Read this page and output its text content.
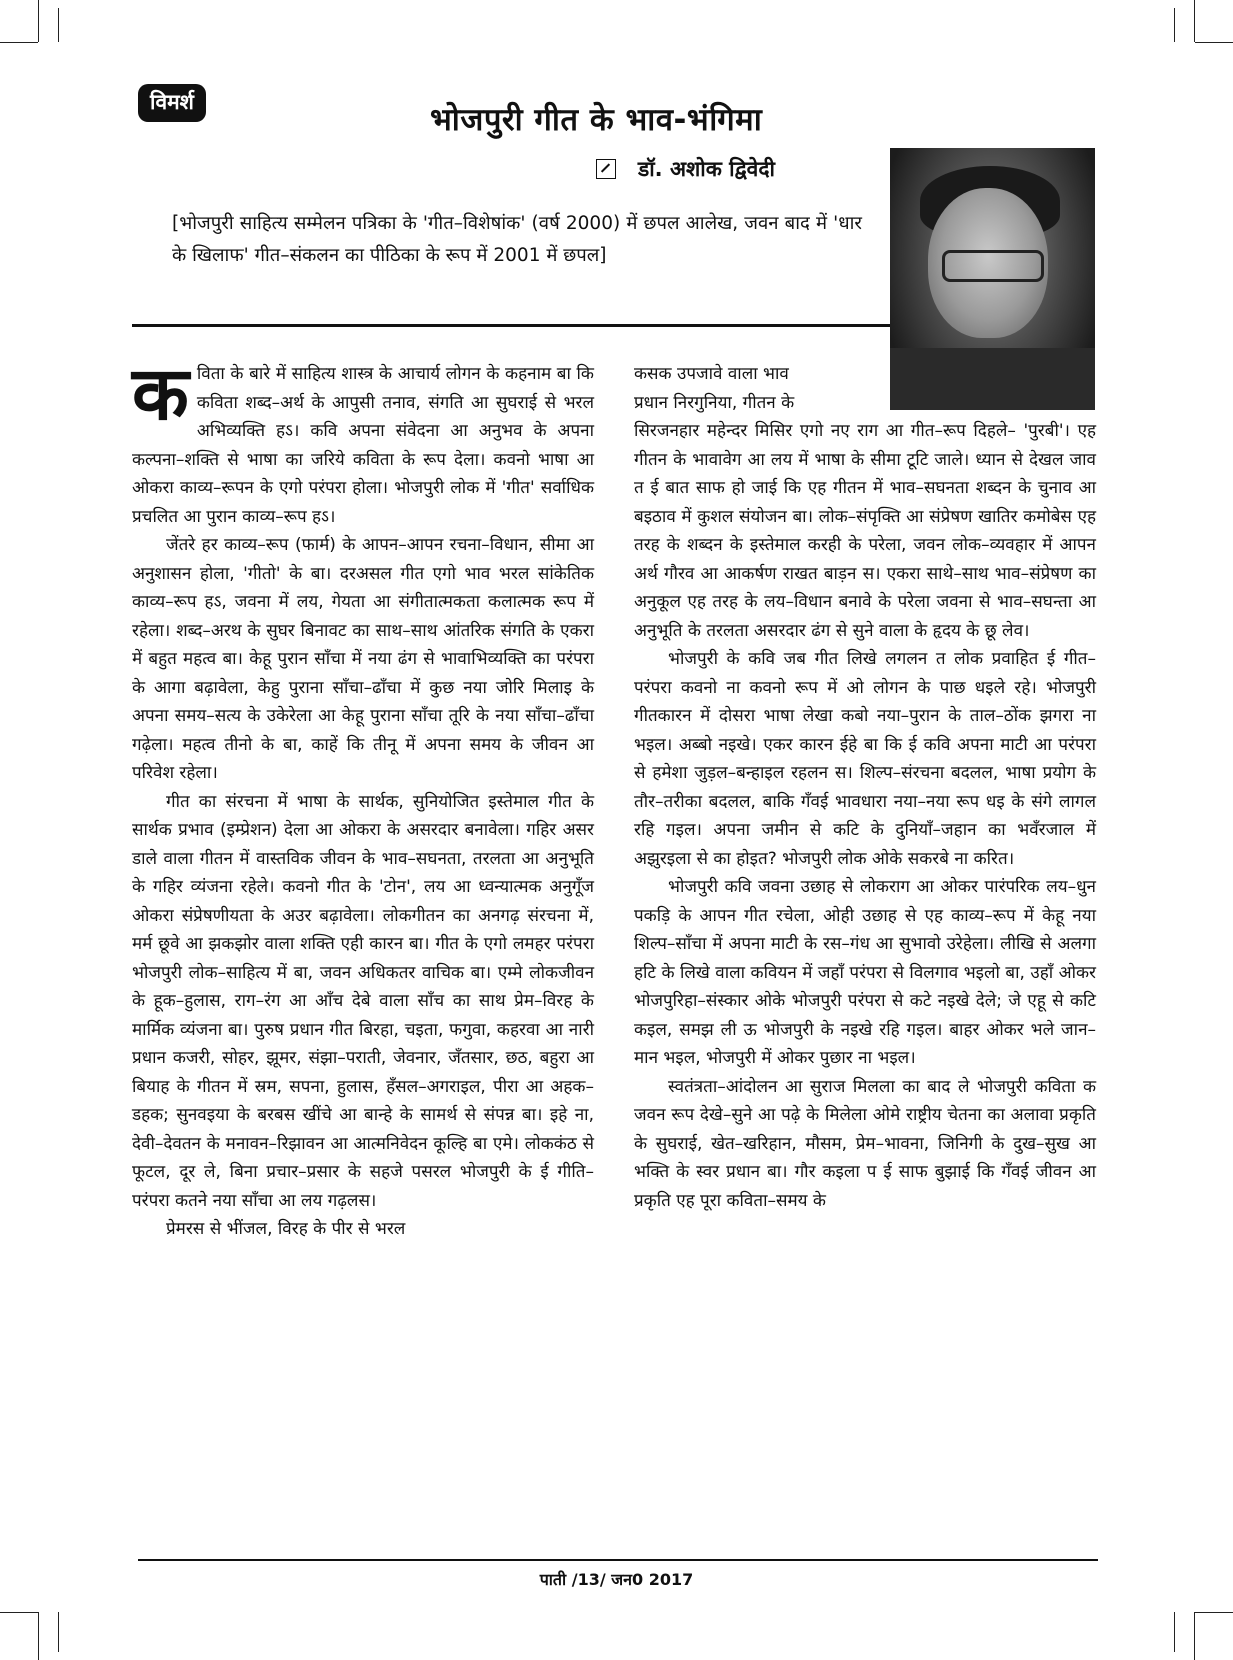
विमर्श	भोजपुरी गीत के भाव-भंगिमा
डॉ. अशोक द्विवेदी
[भोजपुरी साहित्य सम्मेलन पत्रिका के 'गीत–विशेषांक' (वर्ष 2000) में छपल आलेख, जवन बाद में 'धार के खिलाफ' गीत–संकलन का पीठिका के रूप में 2001 में छपल]

कविता के बारे में साहित्य शास्त्र के आचार्य लोगन के कहनाम बा कि कविता शब्द–अर्थ के आपुसी तनाव, संगति आ सुघराई से भरल अभिव्यक्ति हऽ। कवि अपना संवेदना आ अनुभव के अपना कल्पना–शक्ति से भाषा का जरिये कविता के रूप देला। कवनो भाषा आ ओकरा काव्य–रूपन के एगो परंपरा होला। भोजपुरी लोक में 'गीत' सर्वाधिक प्रचलित आ पुरान काव्य–रूप हऽ।

जेंतरे हर काव्य–रूप (फार्म) के आपन–आपन रचना–विधान, सीमा आ अनुशासन होला, 'गीतो' के बा। दरअसल गीत एगो भाव भरल सांकेतिक काव्य–रूप हऽ, जवना में लय, गेयता आ संगीतात्मकता कलात्मक रूप में रहेला। शब्द–अरथ के सुघर बिनावट का साथ–साथ आंतरिक संगति के एकरा में बहुत महत्व बा। केहू पुरान साँचा में नया ढंग से भावाभिव्यक्ति का परंपरा के आगा बढ़ावेला, केहु पुराना साँचा–ढाँचा में कुछ नया जोरि मिलाइ के अपना समय–सत्य के उकेरेला आ केहू पुराना साँचा तूरि के नया साँचा–ढाँचा गढ़ेला। महत्व तीनो के बा, काहें कि तीनू में अपना समय के जीवन आ परिवेश रहेला।

गीत का संरचना में भाषा के सार्थक, सुनियोजित इस्तेमाल गीत के सार्थक प्रभाव (इम्प्रेशन) देला आ ओकरा के असरदार बनावेला। गहिर असर डाले वाला गीतन में वास्तविक जीवन के भाव–सघनता, तरलता आ अनुभूति के गहिर व्यंजना रहेले। कवनो गीत के 'टोन', लय आ ध्वन्यात्मक अनुगूँज ओकरा संप्रेषणीयता के अउर बढ़ावेला। लोकगीतन का अनगढ़ संरचना में, मर्म छूवे आ झकझोर वाला शक्ति एही कारन बा। गीत के एगो लमहर परंपरा भोजपुरी लोक–साहित्य में बा, जवन अधिकतर वाचिक बा। एम्मे लोकजीवन के हूक–हुलास, राग–रंग आ आँच देबे वाला साँच का साथ प्रेम–विरह के मार्मिक व्यंजना बा। पुरुष प्रधान गीत बिरहा, चइता, फगुवा, कहरवा आ नारी प्रधान कजरी, सोहर, झूमर, संझा–पराती, जेवनार, जँतसार, छठ, बहुरा आ बियाह के गीतन में स्रम, सपना, हुलास, हँसल–अगराइल, पीरा आ अहक–डहक; सुनवइया के बरबस खींचे आ बान्हे के सामर्थ से संपन्न बा। इहे ना, देवी–देवतन के मनावन–रिझावन आ आत्मनिवेदन कूल्हि बा एमे। लोककंठ से फूटल, दूर ले, बिना प्रचार–प्रसार के सहजे पसरल भोजपुरी के ई गीति–परंपरा कतने नया साँचा आ लय गढ़लस।

प्रेमरस से भींजल, विरह के पीर से भरल

कसक उपजावे वाला भाव

प्रधान निरगुनिया, गीतन के

सिरजनहार महेन्दर मिसिर एगो नए राग आ गीत–रूप दिहले– 'पुरबी'। एह गीतन के भावावेग आ लय में भाषा के सीमा टूटि जाले। ध्यान से देखल जाव त ई बात साफ हो जाई कि एह गीतन में भाव–सघनता शब्दन के चुनाव आ बइठाव में कुशल संयोजन बा। लोक–संपृक्ति आ संप्रेषण खातिर कमोबेस एह तरह के शब्दन के इस्तेमाल करही के परेला, जवन लोक–व्यवहार में आपन अर्थ गौरव आ आकर्षण राखत बाड़न स। एकरा साथे–साथ भाव–संप्रेषण का अनुकूल एह तरह के लय–विधान बनावे के परेला जवना से भाव–सघन्ता आ अनुभूति के तरलता असरदार ढंग से सुने वाला के हृदय के छू लेव।

भोजपुरी के कवि जब गीत लिखे लगलन त लोक प्रवाहित ई गीत–परंपरा कवनो ना कवनो रूप में ओ लोगन के पाछ धइले रहे। भोजपुरी गीतकारन में दोसरा भाषा लेखा कबो नया–पुरान के ताल–ठोंक झगरा ना भइल। अब्बो नइखे। एकर कारन ईहे बा कि ई कवि अपना माटी आ परंपरा से हमेशा जुड़ल–बन्हाइल रहलन स। शिल्प–संरचना बदलल, भाषा प्रयोग के तौर–तरीका बदलल, बाकि गँवई भावधारा नया–नया रूप धइ के संगे लागल रहि गइल। अपना जमीन से कटि के दुनियाँ–जहान का भवँरजाल में अझुरइला से का होइत? भोजपुरी लोक ओके सकरबे ना करित।

भोजपुरी कवि जवना उछाह से लोकराग आ ओकर पारंपरिक लय–धुन पकड़ि के आपन गीत रचेला, ओही उछाह से एह काव्य–रूप में केहू नया शिल्प–साँचा में अपना माटी के रस–गंध आ सुभावो उरेहेला। लीखि से अलगा हटि के लिखे वाला कवियन में जहाँ परंपरा से विलगाव भइलो बा, उहाँ ओकर भोजपुरिहा–संस्कार ओके भोजपुरी परंपरा से कटे नइखे देले; जे एहू से कटि कइल, समझ ली ऊ भोजपुरी के नइखे रहि गइल। बाहर ओकर भले जान–मान भइल, भोजपुरी में ओकर पुछार ना भइल।

स्वतंत्रता–आंदोलन आ सुराज मिलला का बाद ले भोजपुरी कविता क जवन रूप देखे–सुने आ पढ़े के मिलेला ओमे राष्ट्रीय चेतना का अलावा प्रकृति के सुघराई, खेत–खरिहान, मौसम, प्रेम–भावना, जिनिगी के दुख–सुख आ भक्ति के स्वर प्रधान बा। गौर कइला प ई साफ बुझाई कि गँवई जीवन आ प्रकृति एह पूरा कविता–समय के

पाती /13/ जन0 2017
